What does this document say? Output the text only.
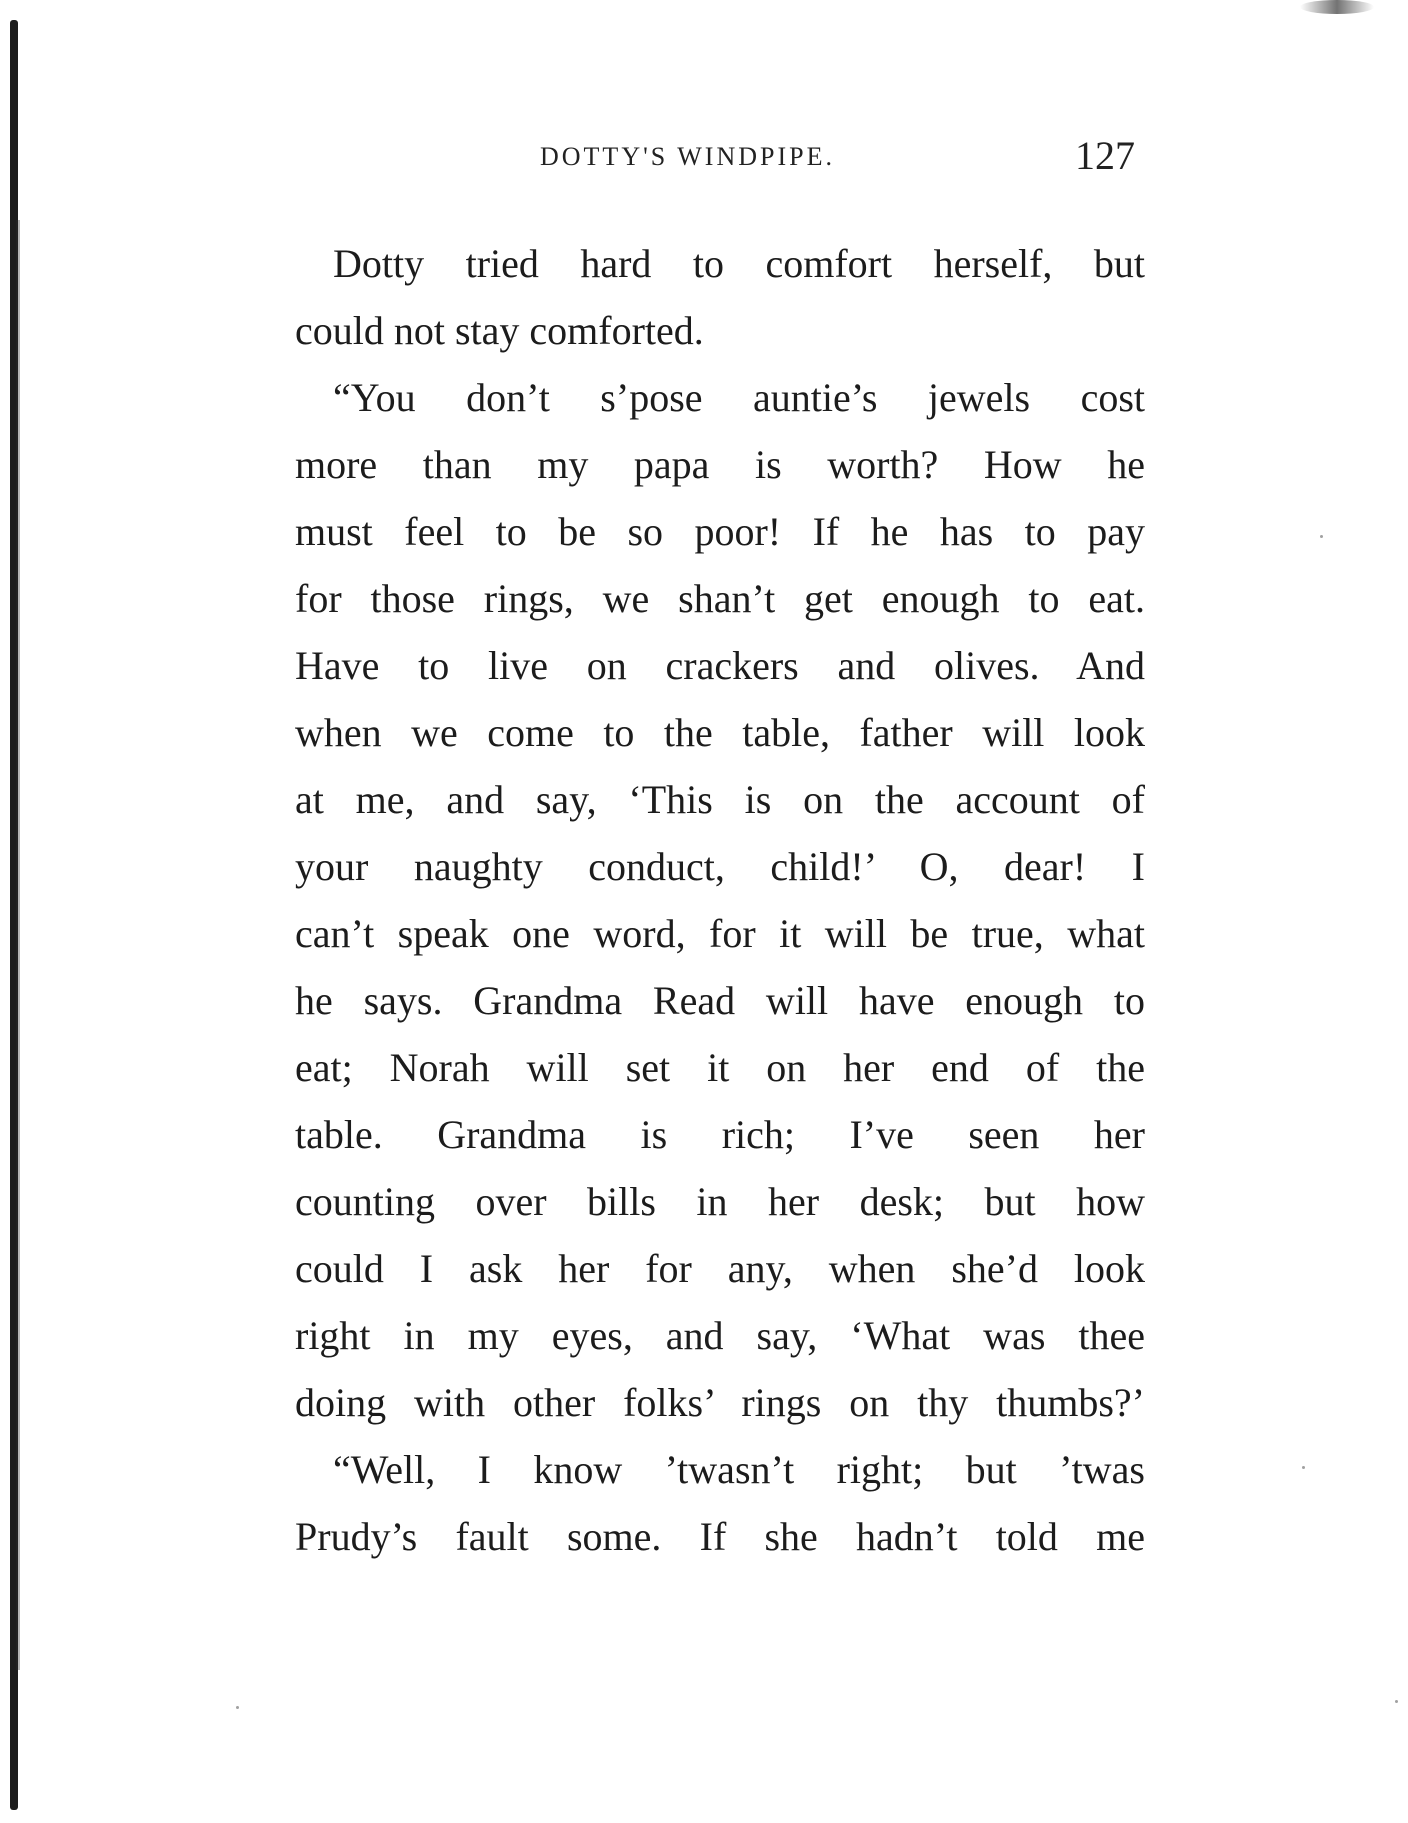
DOTTY'S WINDPIPE.	127
Dotty tried hard to comfort herself, but
could not stay comforted.
“You don’t s’pose auntie’s jewels cost
more than my papa is worth? How he
must feel to be so poor! If he has to pay
for those rings, we shan’t get enough to eat.
Have to live on crackers and olives. And
when we come to the table, father will look
at me, and say, ‘This is on the account of
your naughty conduct, child!’ O, dear! I
can’t speak one word, for it will be true, what
he says. Grandma Read will have enough to
eat; Norah will set it on her end of the
table. Grandma is rich; I’ve seen her
counting over bills in her desk; but how
could I ask her for any, when she’d look
right in my eyes, and say, ‘What was thee
doing with other folks’ rings on thy thumbs?’
“Well, I know ’twasn’t right; but ’twas
Prudy’s fault some. If she hadn’t told me
